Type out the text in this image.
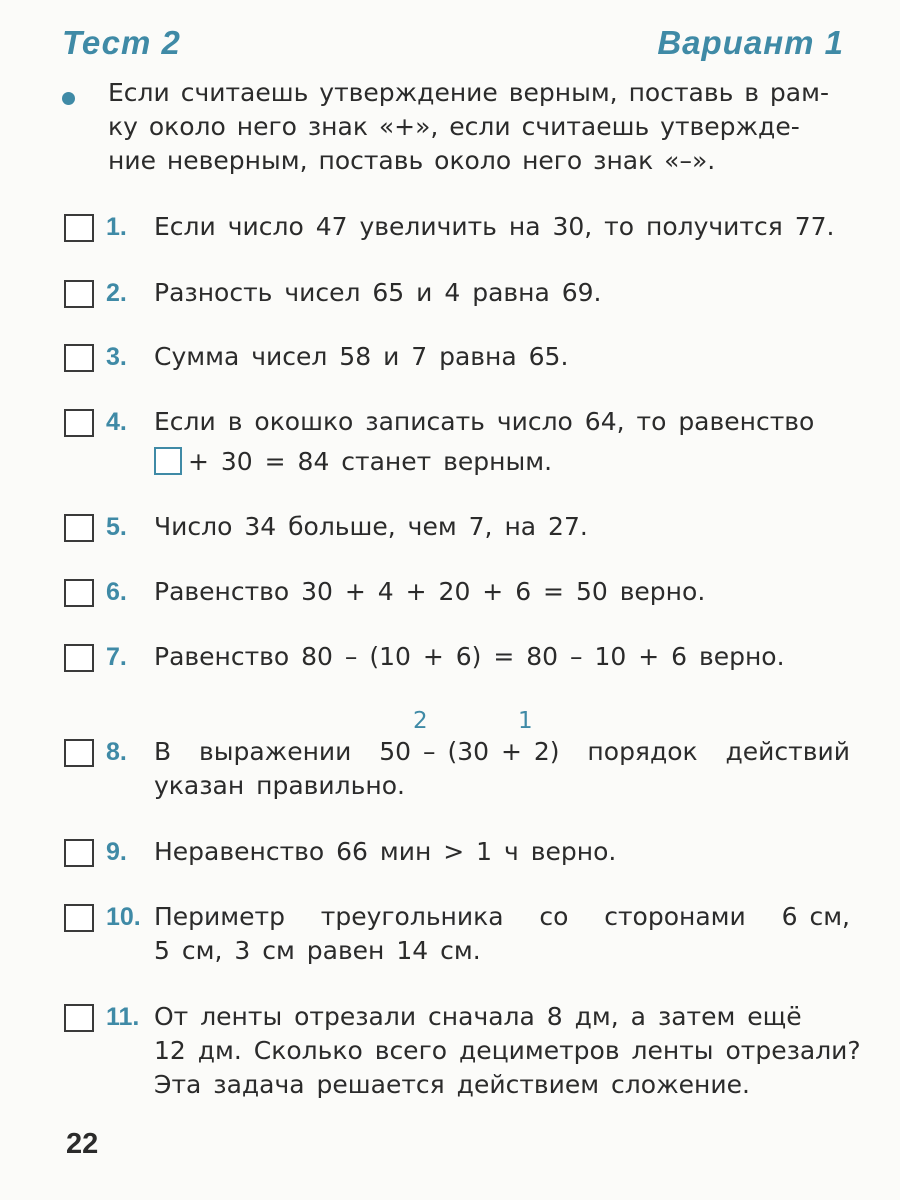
Тест 2	Вариант 1
Если считаешь утверждение верным, поставь в рам-
ку около него знак «+», если считаешь утвержде-
ние неверным, поставь около него знак «–».
1. Если число 47 увеличить на 30, то получится 77.
2. Разность чисел 65 и 4 равна 69.
3. Сумма чисел 58 и 7 равна 65.
4. Если в окошко записать число 64, то равенство
+ 30 = 84 станет верным.
5. Число 34 больше, чем 7, на 27.
6. Равенство 30 + 4 + 20 + 6 = 50 верно.
7. Равенство 80 – (10 + 6) = 80 – 10 + 6 верно.
2	1
8. В выражении 50 – (30 + 2) порядок действий
указан правильно.
9. Неравенство 66 мин > 1 ч верно.
10. Периметр треугольника со сторонами 6 см,
5 см, 3 см равен 14 см.
11. От ленты отрезали сначала 8 дм, а затем ещё
12 дм. Сколько всего дециметров ленты отрезали?
Эта задача решается действием сложение.
22
